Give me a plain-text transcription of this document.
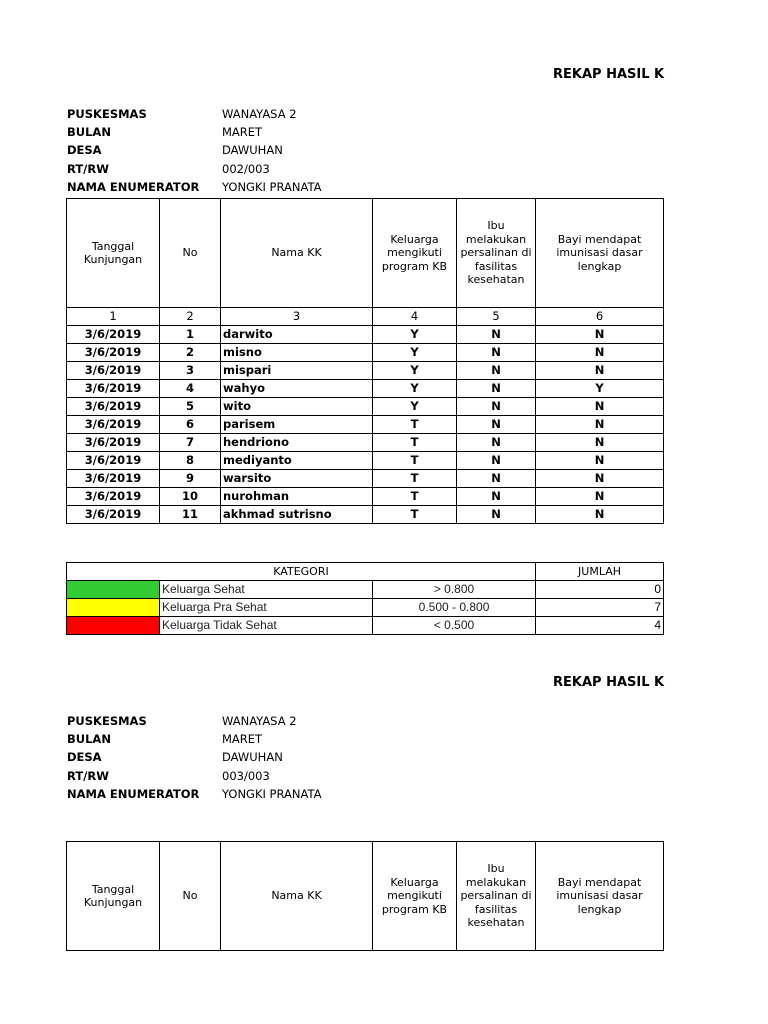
REKAP HASIL K
PUSKESMAS	WANAYASA 2
BULAN	MARET
DESA	DAWUHAN
RT/RW	002/003
NAMA ENUMERATOR	YONGKI PRANATA
Tanggal Kunjungan	No	Nama KK	Keluarga mengikuti program KB	Ibu melakukan persalinan di fasilitas kesehatan	Bayi mendapat imunisasi dasar lengkap
1	2	3	4	5	6
3/6/2019	1	darwito	Y	N	N
3/6/2019	2	misno	Y	N	N
3/6/2019	3	mispari	Y	N	N
3/6/2019	4	wahyo	Y	N	Y
3/6/2019	5	wito	Y	N	N
3/6/2019	6	parisem	T	N	N
3/6/2019	7	hendriono	T	N	N
3/6/2019	8	mediyanto	T	N	N
3/6/2019	9	warsito	T	N	N
3/6/2019	10	nurohman	T	N	N
3/6/2019	11	akhmad sutrisno	T	N	N
KATEGORI			JUMLAH
	Keluarga Sehat	> 0.800	0
	Keluarga Pra Sehat	0.500 - 0.800	7
	Keluarga Tidak Sehat	< 0.500	4
REKAP HASIL K
PUSKESMAS	WANAYASA 2
BULAN	MARET
DESA	DAWUHAN
RT/RW	003/003
NAMA ENUMERATOR	YONGKI PRANATA
Tanggal Kunjungan	No	Nama KK	Keluarga mengikuti program KB	Ibu melakukan persalinan di fasilitas kesehatan	Bayi mendapat imunisasi dasar lengkap
